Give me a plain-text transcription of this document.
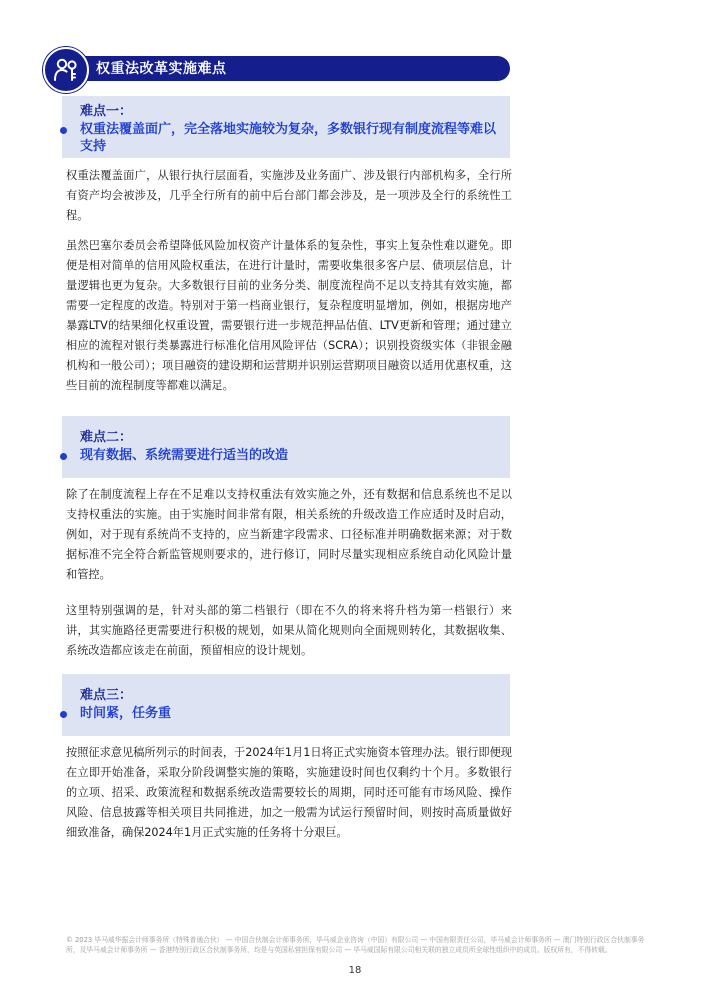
权重法改革实施难点
难点一：
权重法覆盖面广，完全落地实施较为复杂，多数银行现有制度流程等难以支持

权重法覆盖面广，从银行执行层面看，实施涉及业务面广、涉及银行内部机构多，全行所有资产均会被涉及，几乎全行所有的前中后台部门都会涉及，是一项涉及全行的系统性工程。

虽然巴塞尔委员会希望降低风险加权资产计量体系的复杂性，事实上复杂性难以避免。即便是相对简单的信用风险权重法，在进行计量时，需要收集很多客户层、债项层信息，计量逻辑也更为复杂。大多数银行目前的业务分类、制度流程尚不足以支持其有效实施，都需要一定程度的改造。特别对于第一档商业银行，复杂程度明显增加，例如，根据房地产暴露LTV的结果细化权重设置，需要银行进一步规范押品估值、LTV更新和管理；通过建立相应的流程对银行类暴露进行标准化信用风险评估（SCRA）；识别投资级实体（非银金融机构和一般公司）；项目融资的建设期和运营期并识别运营期项目融资以适用优惠权重，这些目前的流程制度等都难以满足。

难点二：
现有数据、系统需要进行适当的改造

除了在制度流程上存在不足难以支持权重法有效实施之外，还有数据和信息系统也不足以支持权重法的实施。由于实施时间非常有限，相关系统的升级改造工作应适时及时启动，例如，对于现有系统尚不支持的，应当新建字段需求、口径标准并明确数据来源；对于数据标准不完全符合新监管规则要求的，进行修订，同时尽量实现相应系统自动化风险计量和管控。

这里特别强调的是，针对头部的第二档银行（即在不久的将来将升档为第一档银行）来讲，其实施路径更需要进行积极的规划，如果从简化规则向全面规则转化，其数据收集、系统改造都应该走在前面，预留相应的设计规划。

难点三：
时间紧，任务重

按照征求意见稿所列示的时间表，于2024年1月1日将正式实施资本管理办法。银行即便现在立即开始准备，采取分阶段调整实施的策略，实施建设时间也仅剩约十个月。多数银行的立项、招采、政策流程和数据系统改造需要较长的周期，同时还可能有市场风险、操作风险、信息披露等相关项目共同推进，加之一般需为试运行预留时间，则按时高质量做好细致准备，确保2024年1月正式实施的任务将十分艰巨。

© 2023 毕马威华振会计师事务所（特殊普通合伙） — 中国合伙制会计师事务所，毕马威企业咨询（中国）有限公司 — 中国有限责任公司，毕马威会计师事务所 — 澳门特别行政区合伙制事务所，及毕马威会计师事务所 — 香港特别行政区合伙制事务所，均是与英国私营担保有限公司 — 毕马威国际有限公司相关联的独立成员所全球性组织中的成员。版权所有，不得转载。

18
